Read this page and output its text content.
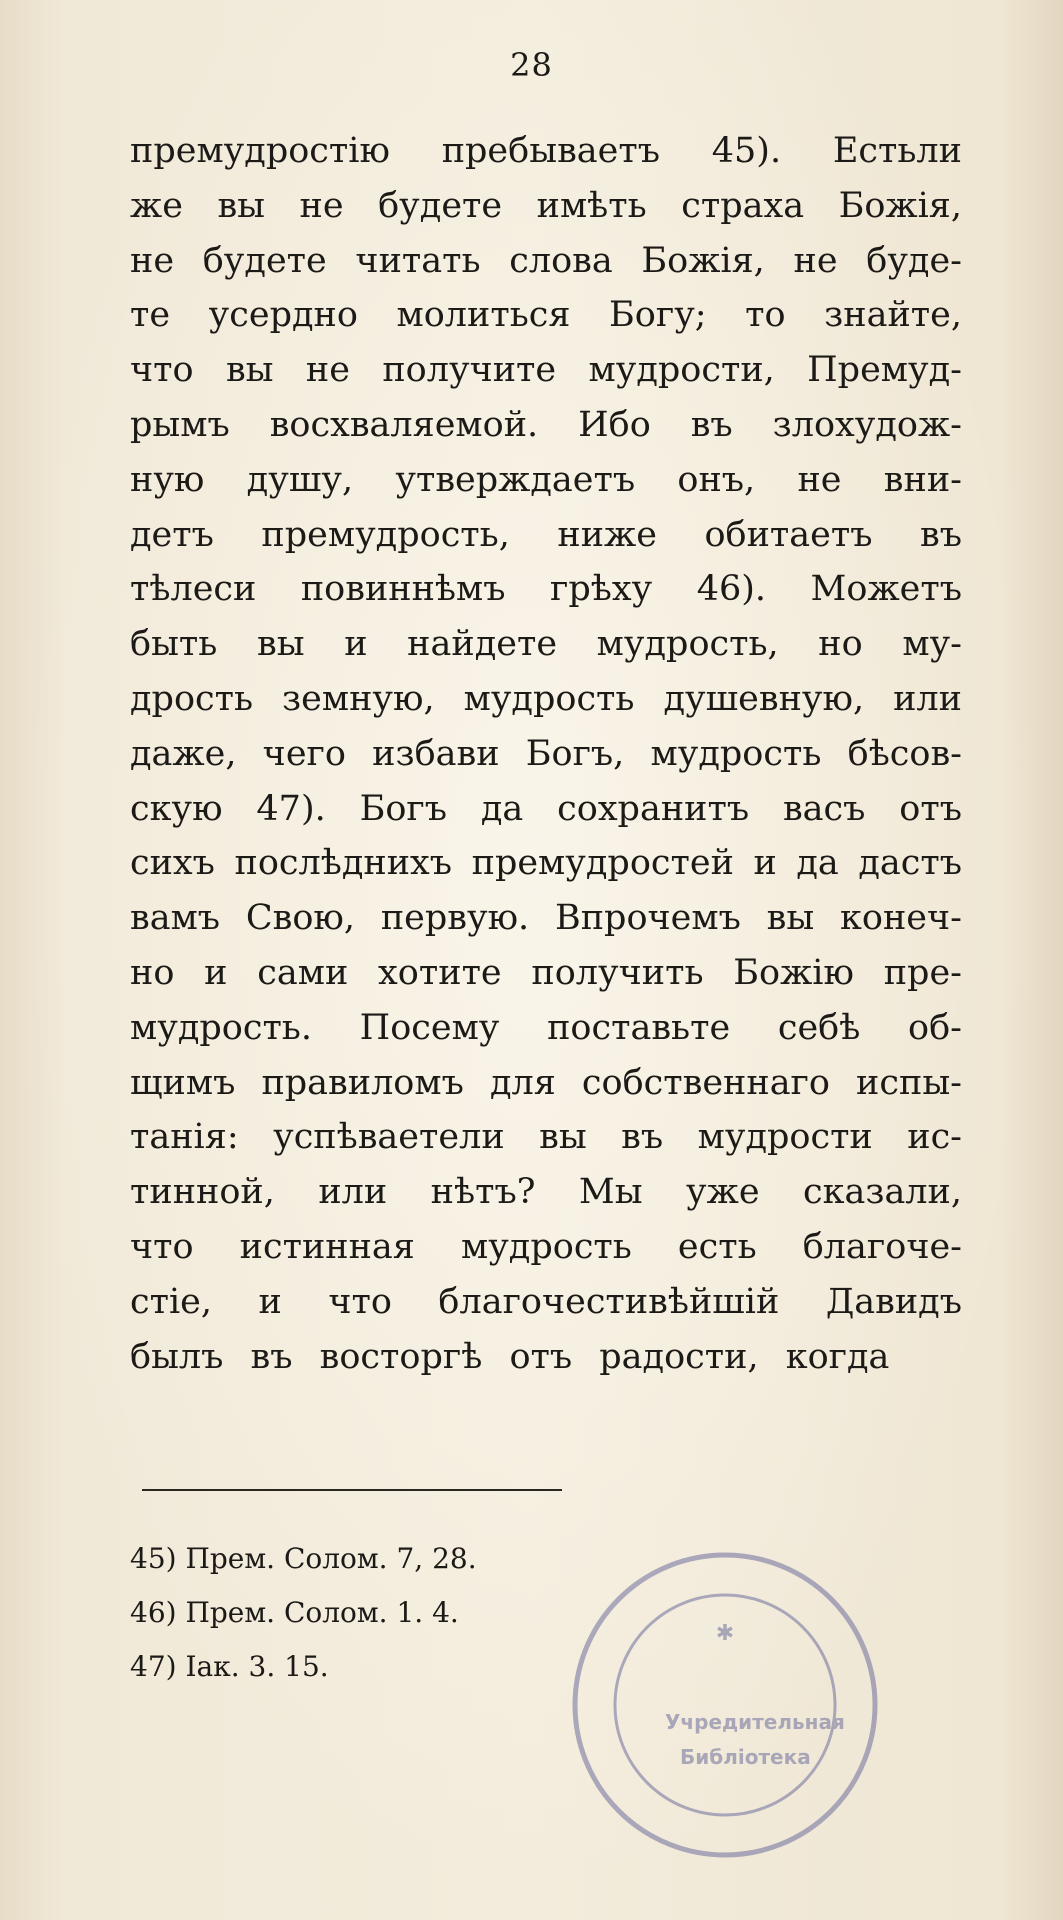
28
премудростію пребываетъ 45). Естьли
же вы не будете имѣть страха Божія,
не будете читать слова Божія, не буде-
те усердно молиться Богу; то знайте,
что вы не получите мудрости, Премуд-
рымъ восхваляемой. Ибо въ злохудож-
ную душу, утверждаетъ онъ, не вни-
детъ премудрость, ниже обитаетъ въ
тѣлеси повиннѣмъ грѣху 46). Можетъ
быть вы и найдете мудрость, но му-
дрость земную, мудрость душевную, или
даже, чего избави Богъ, мудрость бѣсов-
скую 47). Богъ да сохранитъ васъ отъ
сихъ послѣднихъ премудростей и да дастъ
вамъ Свою, первую. Впрочемъ вы конеч-
но и сами хотите получить Божію пре-
мудрость. Посему поставьте себѣ об-
щимъ правиломъ для собственнаго испы-
танія: успѣваетели вы въ мудрости ис-
тинной, или нѣтъ? Мы уже сказали,
что истинная мудрость есть благоче-
стіе, и что благочестивѣйшій Давидъ
былъ въ восторгѣ отъ радости, когда
45) Прем. Солом. 7, 28.
46) Прем. Солом. 1. 4.
47) Іак. 3. 15.
✱
Учредительная
Библіотека
